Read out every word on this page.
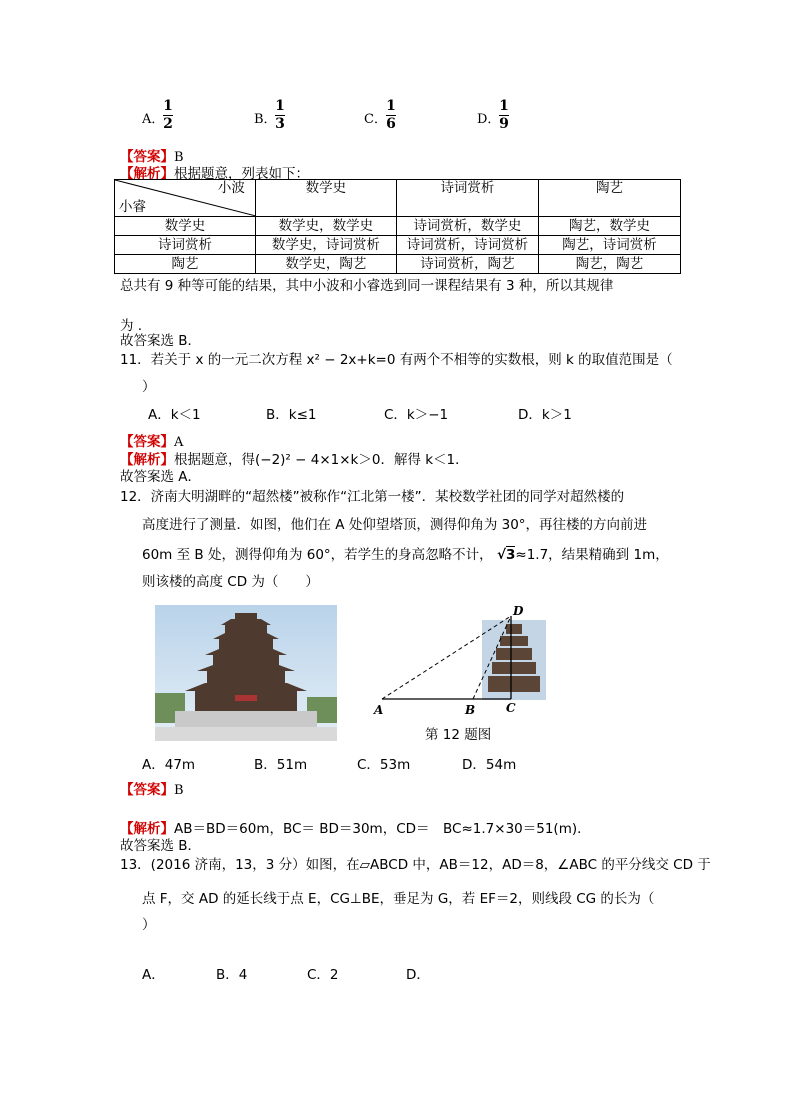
A．
1
2	B．
1
3	C．
1
6	D．
1
9
【答案】B
【解析】根据题意，列表如下：
小波
小睿	数学史	诗词赏析	陶艺
数学史	数学史，数学史	诗词赏析，数学史	陶艺，数学史
诗词赏析	数学史，诗词赏析	诗词赏析，诗词赏析	陶艺，诗词赏析
陶艺	数学史，陶艺	诗词赏析，陶艺	陶艺，陶艺
总共有 9 种等可能的结果，其中小波和小睿选到同一课程结果有 3 种，所以其规律
为 .
故答案选 B．
11．若关于 x 的一元二次方程 x² − 2x+k=0 有两个不相等的实数根，则 k 的取值范围是（
）
A．k＜1	B．k≤1	C．k＞−1	D．k＞1
【答案】A
【解析】根据题意，得(−2)² − 4×1×k＞0．解得 k＜1．
故答案选 A．
12．济南大明湖畔的“超然楼”被称作“江北第一楼”．某校数学社团的同学对超然楼的
高度进行了测量．如图，他们在 A 处仰望塔顶，测得仰角为 30°，再往楼的方向前进
60m 至 B 处，测得仰角为 60°，若学生的身高忽略不计， √3≈1.7，结果精确到 1m，
则该楼的高度 CD 为（　　）
D
A	B	C
第 12 题图
A．47m	B．51m	C．53m	D．54m
【答案】B
【解析】AB＝BD＝60m，BC＝ BD＝30m，CD＝　BC≈1.7×30＝51(m)．
故答案选 B．
13．(2016 济南，13，3 分）如图，在▱ABCD 中，AB＝12，AD＝8，∠ABC 的平分线交 CD 于
点 F，交 AD 的延长线于点 E，CG⊥BE，垂足为 G，若 EF＝2，则线段 CG 的长为（
）
A．	B．4	C．2	D．
